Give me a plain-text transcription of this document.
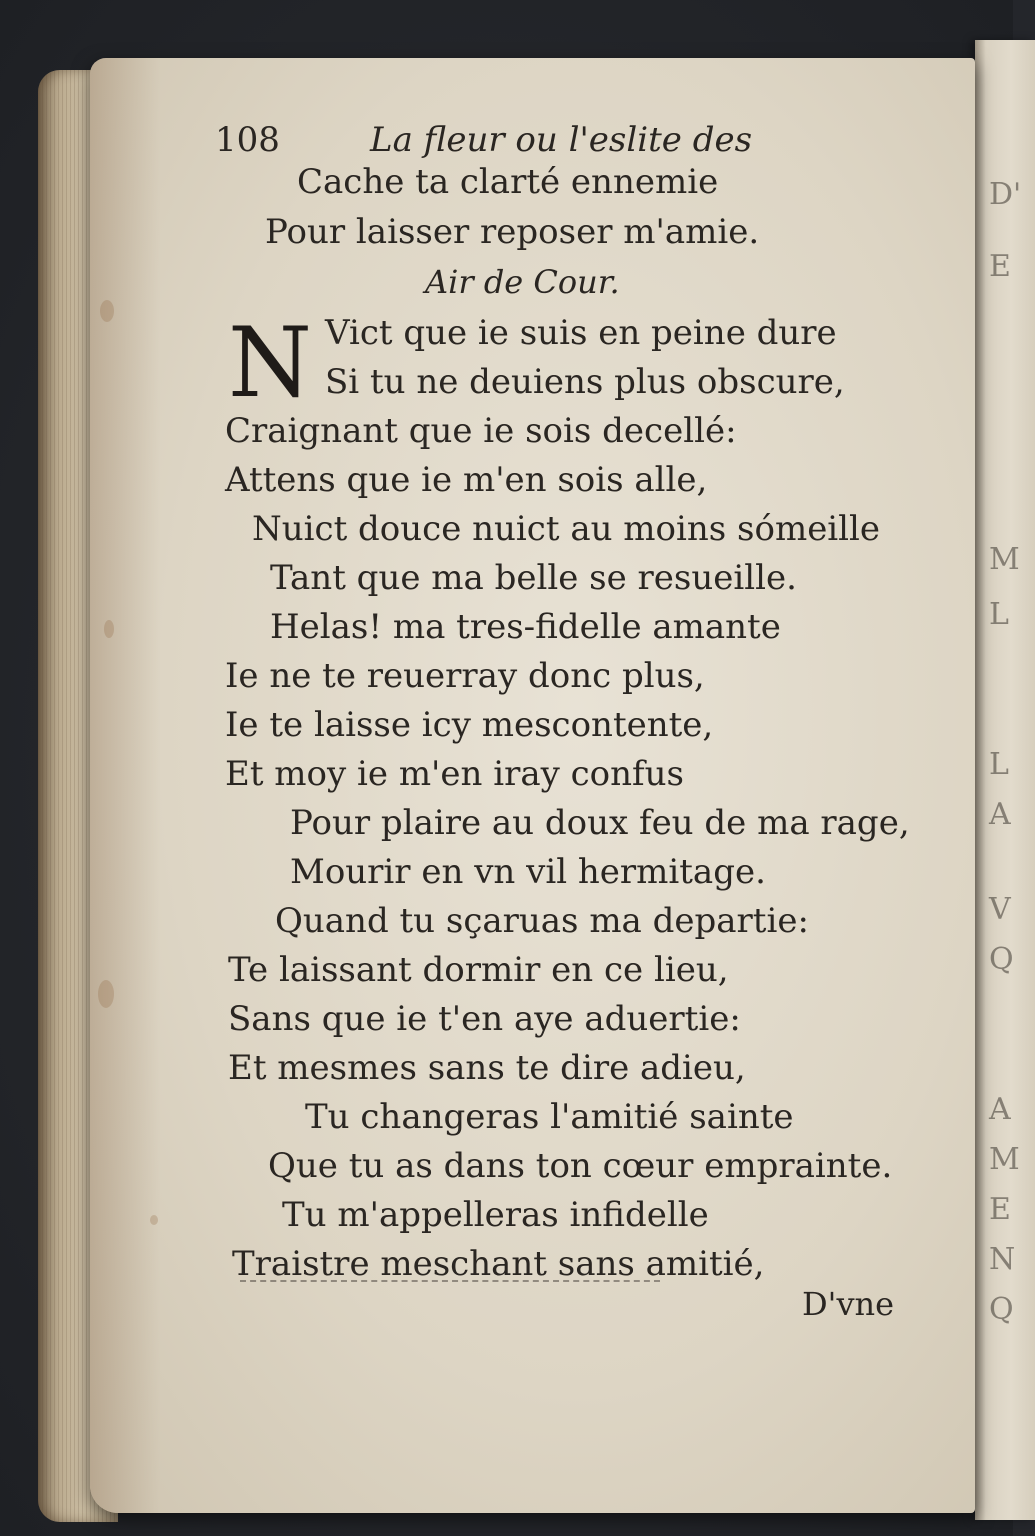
D'
E
M
L
L
A
V
Q
A
M
E
N
Q
108	La fleur ou l'eslite des
Cache ta clarté ennemie
Pour laisser reposer m'amie.
Air de Cour.
N Vict que ie suis en peine dure
Si tu ne deuiens plus obscure,
Craignant que ie sois decellé:
Attens que ie m'en sois alle,
Nuict douce nuict au moins sómeille
Tant que ma belle se resueille.
Helas! ma tres-fidelle amante
Ie ne te reuerray donc plus,
Ie te laisse icy mescontente,
Et moy ie m'en iray confus
Pour plaire au doux feu de ma rage,
Mourir en vn vil hermitage.
Quand tu sçaruas ma departie:
Te laissant dormir en ce lieu,
Sans que ie t'en aye aduertie:
Et mesmes sans te dire adieu,
Tu changeras l'amitié sainte
Que tu as dans ton cœur emprainte.
Tu m'appelleras infidelle
Traistre meschant sans amitié,
D'vne
